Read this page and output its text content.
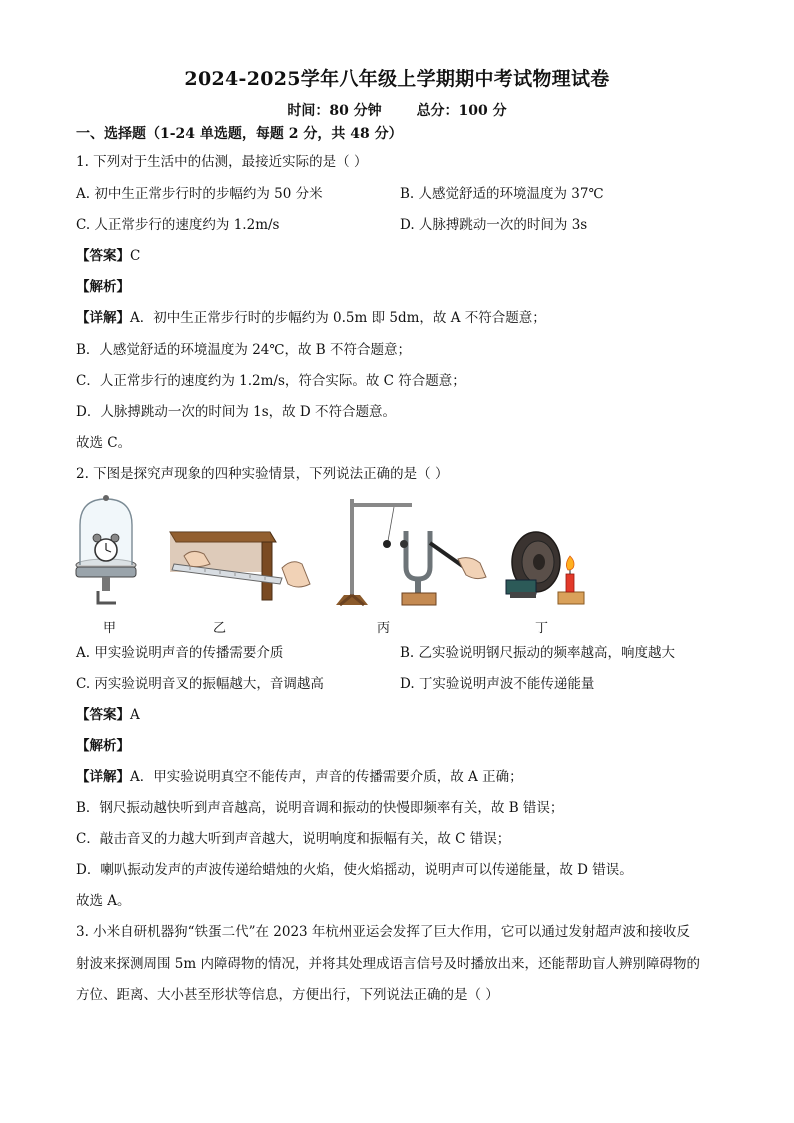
2024-2025学年八年级上学期期中考试物理试卷
时间：80 分钟 总分：100 分
一、选择题（1-24 单选题，每题 2 分，共 48 分）
1. 下列对于生活中的估测，最接近实际的是（ ）
A. 初中生正常步行时的步幅约为 50 分米	B. 人感觉舒适的环境温度为 37℃
C. 人正常步行的速度约为 1.2m/s	D. 人脉搏跳动一次的时间为 3s
【答案】C
【解析】
【详解】A．初中生正常步行时的步幅约为 0.5m 即 5dm，故 A 不符合题意；
B．人感觉舒适的环境温度为 24℃，故 B 不符合题意；
C．人正常步行的速度约为 1.2m/s，符合实际。故 C 符合题意；
D．人脉搏跳动一次的时间为 1s，故 D 不符合题意。
故选 C。
2. 下图是探究声现象的四种实验情景，下列说法正确的是（ ）
甲	乙	丙	丁
A. 甲实验说明声音的传播需要介质	B. 乙实验说明钢尺振动的频率越高，响度越大
C. 丙实验说明音叉的振幅越大，音调越高	D. 丁实验说明声波不能传递能量
【答案】A
【解析】
【详解】A．甲实验说明真空不能传声，声音的传播需要介质，故 A 正确；
B．钢尺振动越快听到声音越高，说明音调和振动的快慢即频率有关，故 B 错误；
C．敲击音叉的力越大听到声音越大，说明响度和振幅有关，故 C 错误；
D．喇叭振动发声的声波传递给蜡烛的火焰，使火焰摇动，说明声可以传递能量，故 D 错误。
故选 A。
3. 小米自研机器狗“铁蛋二代”在 2023 年杭州亚运会发挥了巨大作用，它可以通过发射超声波和接收反
射波来探测周围 5m 内障碍物的情况，并将其处理成语言信号及时播放出来，还能帮助盲人辨别障碍物的
方位、距离、大小甚至形状等信息，方便出行，下列说法正确的是（ ）
